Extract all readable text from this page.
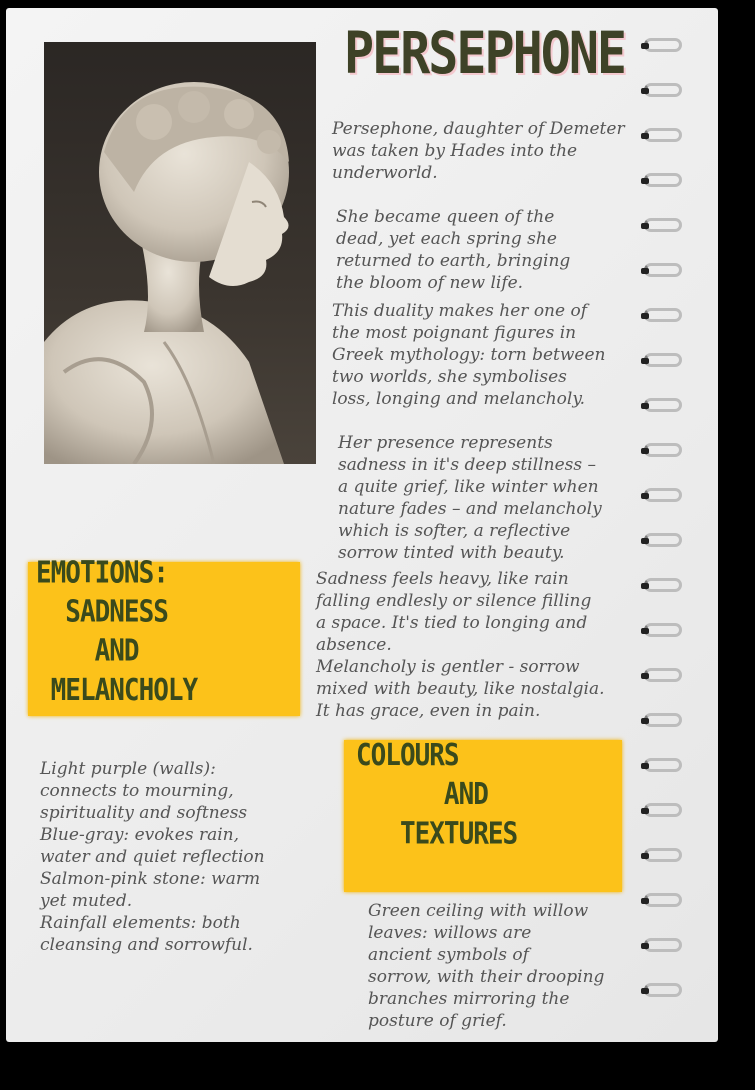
PERSEPHONE
Persephone, daughter of Demeter
was taken by Hades into the
underworld.
She became queen of the
dead, yet each spring she
returned to earth, bringing
the bloom of new life.
This duality makes her one of
the most poignant figures in
Greek mythology: torn between
two worlds, she symbolises
loss, longing and melancholy.
Her presence represents
sadness in it's deep stillness –
a quite grief, like winter when
nature fades – and melancholy
which is softer, a reflective
sorrow tinted with beauty.
EMOTIONS:
SADNESS
AND
MELANCHOLY
Sadness feels heavy, like rain
falling endlesly or silence filling
a space. It's tied to longing and
absence.
Melancholy is gentler - sorrow
mixed with beauty, like nostalgia.
It has grace, even in pain.
Light purple (walls):
connects to mourning,
spirituality and softness
Blue-gray: evokes rain,
water and quiet reflection
Salmon-pink stone: warm
yet muted.
Rainfall elements: both
cleansing and sorrowful.
COLOURS
AND
TEXTURES
Green ceiling with willow
leaves: willows are
ancient symbols of
sorrow, with their drooping
branches mirroring the
posture of grief.
